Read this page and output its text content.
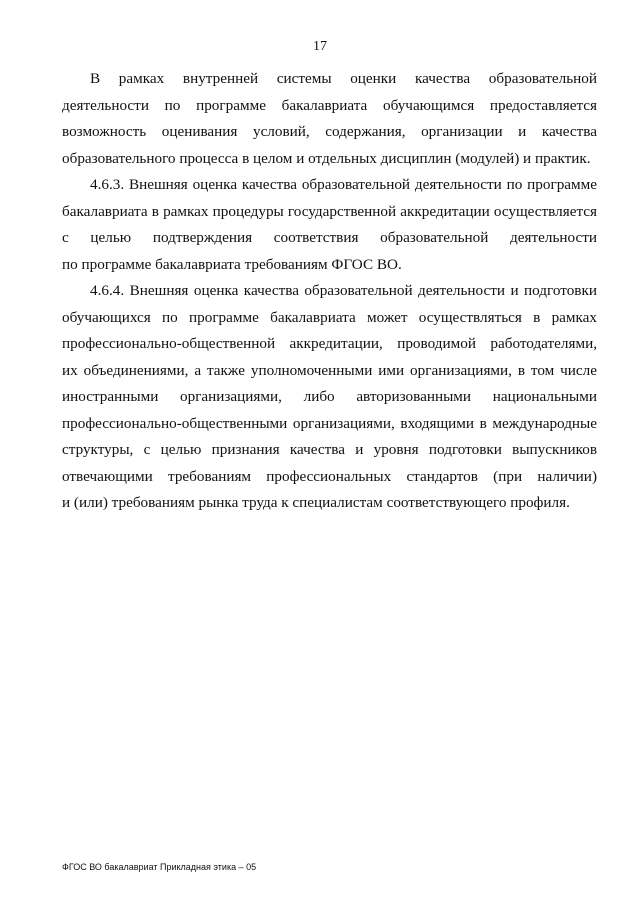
17
В рамках внутренней системы оценки качества образовательной
деятельности по программе бакалавриата обучающимся предоставляется
возможность оценивания условий, содержания, организации и качества
образовательного процесса в целом и отдельных дисциплин (модулей) и практик.
4.6.3. Внешняя оценка качества образовательной деятельности по программе
бакалавриата в рамках процедуры государственной аккредитации осуществляется
с целью подтверждения соответствия образовательной деятельности
по программе бакалавриата требованиям ФГОС ВО.
4.6.4. Внешняя оценка качества образовательной деятельности и подготовки
обучающихся по программе бакалавриата может осуществляться в рамках
профессионально-общественной аккредитации, проводимой работодателями,
их объединениями, а также уполномоченными ими организациями, в том числе
иностранными организациями, либо авторизованными национальными
профессионально-общественными организациями, входящими в международные
структуры, с целью признания качества и уровня подготовки выпускников
отвечающими требованиям профессиональных стандартов (при наличии)
и (или) требованиям рынка труда к специалистам соответствующего профиля.
ФГОС ВО бакалавриат Прикладная этика – 05
